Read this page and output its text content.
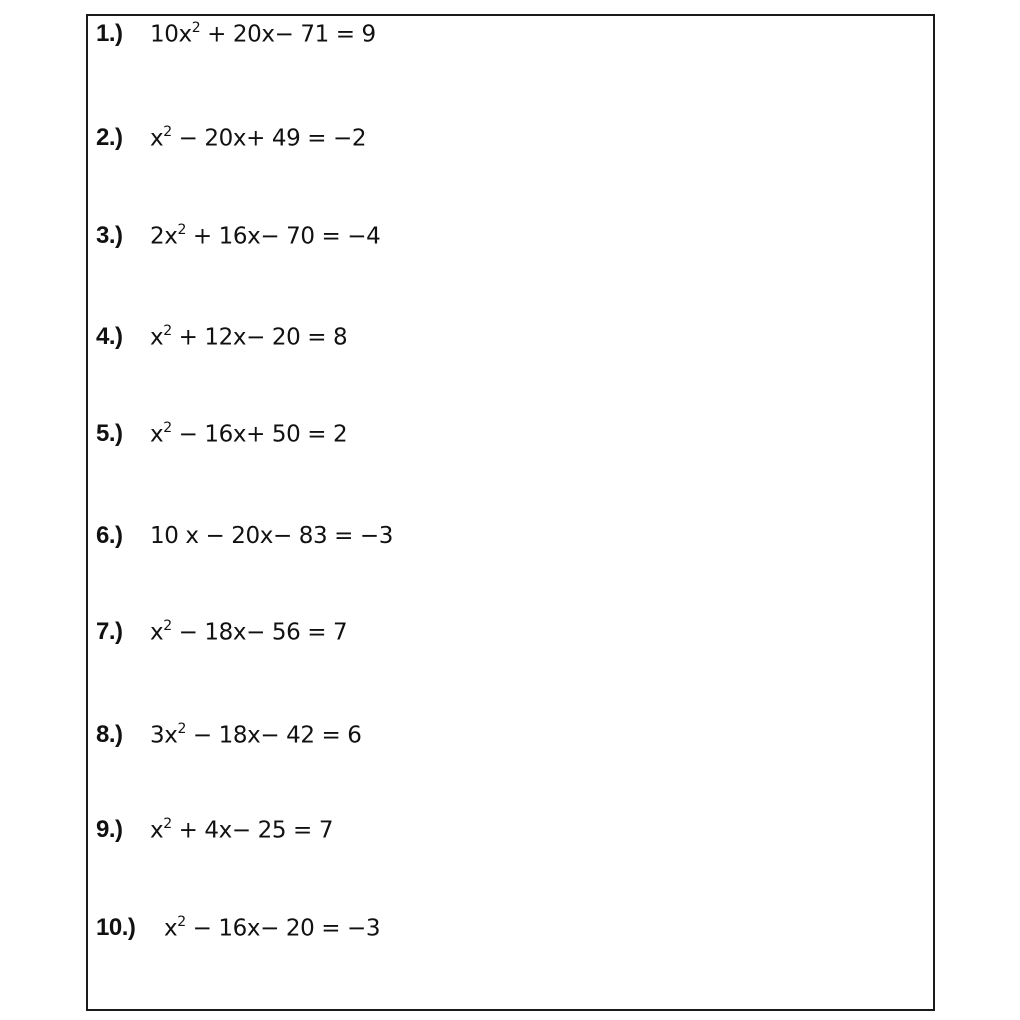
1.)	$10x^2 + 20x- 71 = 9$
2.)	$x^2 - 20x+ 49 = -2$
3.)	$2x^2 + 16x- 70 = -4$
4.)	$x^2 + 12x- 20 = 8$
5.)	$x^2 - 16x+ 50 = 2$
6.)	10 x − 20x− 83 = −3
7.)	$x^2 - 18x- 56 = 7$
8.)	$3x^2 - 18x- 42 = 6$
9.)	$x^2 + 4x- 25 = 7$
10.)	$x^2 - 16x- 20 = -3$
